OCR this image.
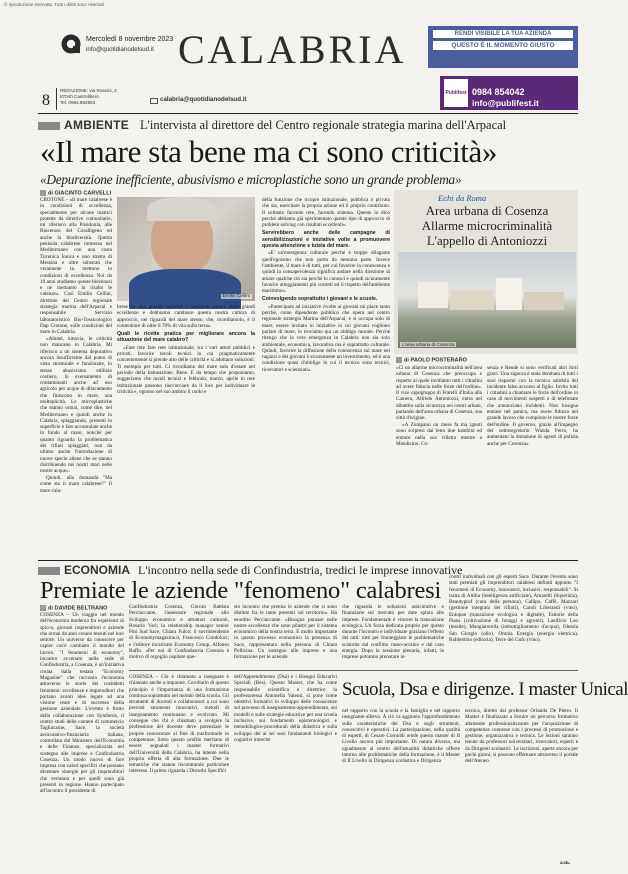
© riproduzione riservata. Tutti i diritti sono riservati
Mercoledì 8 novembre 2023
info@quotidianodelsud.it CALABRIA	RENDI VISIBILE LA TUA AZIENDA
QUESTO È IL MOMENTO GIUSTO
8
REDAZIONE: via Rossini, 2
87040 Castrolibero
Tel. 0984.852853	calabria@quotidianodelsud.it
Publifest 0984 854042
info@publifest.it
AMBIENTE L'intervista al direttore del Centro regionale strategia marina dell'Arpacal
«Il mare sta bene ma ci sono criticità»
«Depurazione inefficiente, abusivismo e microplastiche sono un grande problema»
di GIACINTO CARVELLI

CROTONE - «Il mare calabrese è in condizioni di eccellenza, specialmente per alcune matrici protette da direttive comunitarie, mi riferisco alla Posidonia, alle Biocenosi del Coralligeno ed anche la biodiversità. Questa penisola calabrese immersa nel Mediterraneo con una costa Tirrenica Ionica e uno stretto di Messina e oltre substrati che veramente la mettono in condizioni di eccellenza. Noi da 10 anni studiamo queste biocenosi e ne mettiamo in risalto le valenze». Così Emilio Cellini, direttore del Centro regionale strategia marina dell'Arpacal e responsabile Servizio laboratoristico Bio-Tossicologico Dap Crotone, sulle condizioni del mare in Calabria.

«Ahimè, tuttavia, le criticità non mancano in Calabria. Mi riferisco a un sistema depurativo ancora insufficiente dal punto di vista strutturale e funzionale, lo stesso abusivismo edilizio costiero, lo sversamento di contaminanti anche ad uso agricolo per acque di dilavamento che finiscono in mare, una molteplicità. Le microplastiche che stanno ormai, come dire, nel Mediterraneo e quindi anche in Calabria, spiaggiando, presenti in superficie e fato accumulate anche in fondo al mare, nonché per quanto riguarda la problematica dei rifiuti spiaggiati, non da ultimo anche l'introduzione di nuove specie aliene che se stanno distribuendo nei nostri mari nelle nostre acque».

Quindi, alla domanda "Ma come sta il mare calabrese?" Il mare cala-

Emilio Cellini

brese ha una grande capacità e mantiene ancora delle grandi eccellenze e dobbiamo cambiare questa nostra cultura di approccio, nei riguardi del mare stesso, che, ricordiamolo, è il contenitore di oltre il 70% di vita sulla terra».

Quali le ricette pratica per migliorare ancora la situazione del mare calabro?

«Fare rete fare rete istituzionale, tra i vari attori pubblici e privati, favorire tavoli tecnici in cui pragmaticamente concertemente si prende atto delle criticità e si adottano soluzioni. Ti esempio per tutti. Ci ricordiamo del mare solo d'estate nel periodo della balneazione. Bene. E da tempo che proponiamo, suggeriamo che tavoli tecnici e febbraio, marzo, aprile in rete istituzionale possono riaccorciare da il loro per individuare le criticità e, ognuno nel suo ambito il ruolo e

della funzione che ricopre istituzionale, pubblica o privata che sia, esercitare la propria azione ed il proprio contributo. Il soltanto facendo rete, facendo sistema. Questo lo dico perché abbiamo già sperimentato questo tipo di approccio di problem solving con risultati eccellenti».

Servirebbero anche delle campagne di sensibilizzazioni e iniziative volte a promuovere questa attenzione e tutela del mare.

«E' un'emergenza culturale perché è troppo dilagante quell'egoismo che non porta da nessuna parte. Invece l'ambiente, il mare è di tutti, per cui favorire la conoscenza e quindi la consapevolezza significa andare nella direzione di amare qualche ciò sia perché lo conosci e quindi sicuramente favorire atteggiamenti più corretti ed il rispetto dell'ambiente marittimo».

Coinvolgendo soprattutto i giovani e le scuole.

«Partecipare ad iniziative rivolte ai giovani mi piace tanto perché, come dipendente pubblico che opera nel centro regionale strategia Marina dell'Arpacal, e si occupa solo di mare, essere invitato in iniziative in cui giovani vogliono parlare di mare, lo troviamo qui un obbligo morale. Perché ritengo che la vera emergenza in Calabria non sia solo ambientale, economica, lavorativa ma è soprattutto culturale. Quindi, favorire la diffusione della conoscenza sul mare nei ragazzi e dei giovani è sicuramente un investimento, ed è una condizione quasi d'obbligo in cui il tecnico sono tecnici, ricercatori e scienziati».

Echi da Roma
Area urbana di Cosenza
Allarme microcriminalità
L'appello di Antoniozzi
L'area urbana di Cosenza
di PAOLO POSTERARO

«Ci un allarme microcriminalità nell'area urbana di Cosenza che preoccupa e rispetto al quale invitiamo tutti i cittadini ad avere fiducia nelle forze dell'ordine». Il vice capogruppo di Fratelli d'Italia alla Camera, Alfredo Antoniozzi, entra nel dibattito sulla sicurezza nei centri urbani, parlando dell'area urbana di Cosenza, sua città d'origine.

«A Zumpano un mese fa ma ignoti sono sorpresi dal letto due bambini ed entrare nella sua villetta mentre a Mendicino. Co-

senza e Rende si sono verificati altri furti gravi. Una signora è stata derubata di tutti i suoi risparmi con la tecnica subdola del incidente falso accorso al figlio. Invito tutti i cittadini a chiamare le forze dell'ordine in caso di movimenti sospetti o di telefonate che annunciano incidenti. Non bisogna entrare nel panico, ma avere fiducia nel grande lavoro che compiono le nostre forze dell'ordine. Il governo, grazie all'impegno del sottosegretario Wanda Ferro, ha aumentato la dotazione di agenti di polizia anche per Cosenza».

ECONOMIA L'incontro nella sede di Confindustria, tredici le imprese innovative
Premiate le aziende "fenomeno" calabresi
di DAVIDE BELTRANO

COSENZA – Un viaggio nel mondo dell'economia moderna fra esperienti di spicco, giovani imprenditori e aziende che ormai da anni creano tessuti nel loro settore. Un universo da conoscere per capire cos'è cambiato il mondo del lavoro. "I fenomeni di economy", incontro avvenuto nella sede di Confindustria, a Cosenza, è un'iniziativa creata dalla testata "Economy Magazine" che racconta l'economia attraverso le storie dei cosiddetti fenomeni: eccellenze e imprenditori che portano avanti idee legate ad una visione reale e di successo della gestione aziendale. L'evento è frutto della collaborazione con Synthesis, il centro studi delle camere di commercio Tagliacarne, Sace, la società assicurativo-finanziaria italiana, controllata dal Ministero dell'Economia e delle Finanze, specializzata nel sostegno alle imprese e Confindustria Cosenza. Un modo nuovo di fare impresa con valori specifici che possano diventare sinergie per gli imprenditori che verranno e per quelli sono già presenti in regione. Hanno partecipato all'incontro il presidente di

Confindustria Cosenza, Giovan Battista Perciaccante, l'assessore regionale allo Sviluppo economico e attrattori culturali, Rosario Varì; la relationship manager senior Pmi Sud Sace, Chiara Fulco; il sovrintendente di Economymagazine.it, Francesco Condoluci; e l'editore incaricato Economy Group, Alfonso Ruffo. «Per noi di Confindustria Cosenza è motivo di orgoglio ospitare que-

sto incontro che premia le aziende che si sono distinte fra le tante presenti sul territorio». Ha esordito Perciaccante. «Bisogna puntare nelle nostre eccellenze che sono pilastri per il sistema economico della nostra terra. E molto importante in questo processo economico la presenza di Sace, rappresentata nella persona di Chiara Pollicina. Un sostegno alle imprese e una formazione per le aziende

che riguarda le soluzioni assicurative e finanziarie sul mercato per dare spinta alle imprese. Fondamentale è vincere la transazione ecologica. Un forza dedicata proprio per questo durante l'incontro e individuate graziano l'effetto dei tatti: tutti per fronteggiare le problematiche scaturite dal conflitto russo-ucraino e dal caro energia. Dopo la sessione plenaria, infatti, le imprese potranno prenotare in-

contri individuali con gli esperti Sace. Durante l'evento sono stati premiati gli imprenditori calabresi definiti appunto "I fenomeni di Economy, innovatori, inclusivi, responsabili". Si tratta di Altilia (intelligenza artificiale), Amarelli (liquerizia), Beautyprof (cura della persona), Callipo, Caffè, Mazzari (gestione integrata del rifiuti), Caroli Liberandi (vino), Entopan (transizione ecologica e digitale), Fattorie della Piana (coltivazione di foraggi e agrumi), Lanificio Leo (tessile), Mangiatorella (imbottigliamento d'acqua), Olearia San Giorgio (olio), Omnia Energia (energia elettrica), Rubbettino (editoria), Terre del Gufo (vino).

Scuola, Dsa e dirigenze. I master Unical

COSENZA – Chi è chiamato a insegnare è chiamato anche a imparare. Corollario di questo principio è l'importanza di una formazione continua soprattutto nel mondo della scuola. Gli strumenti di docenti e collaboratori a cui sono previsti strumenti innovativi, metodi di insegnamento continuano e evolvono. Mi consegue che chi è chiamato a svolgere la professione del docente deve potenziare le proprie conoscenze al fine di trasformarle in competenze. Sotto questo profilo meritano di essere segnalati i master formativi dell'Università della Calabria, ha intente nella propria offerta di alta formazione. Due le tematiche che stanno riscontrando particolare interesse. Il primo riguarda i Disturbi Specifici

dell'Apprendimento (Dsa) e i Bisogni Educativi Speciali (Bes). Questo Master, che ha come responsabile scientifico e direttrice la professoressa Antonella Valenti, si pone come obiettivi formativi lo sviluppo delle conoscenze sul processo di insegnamento-apprendimento, sui modelli e sulle strategie educative per una scuola inclusiva, sui fondamenti epistemologici e metodologico-procedurali della didattica e sulla sviluppo dei ai sei suoi fondamenti biologici e cognitivi intrechè

nel rapporto con la scuola e la famiglia e nel rapporto insegnante-allievo. A ciò va aggiunto l'approfondimento sulle caratteristiche dei Dsa e sugli strumenti, conoscitivi e operativi. La partecipazione, nella qualità di esperti, di Cesare Cornoldi rende questo master di II Livello ancora più importante. Di natura diversa, ma ugualmente al centro dell'attualità didattiche offerte intorno alle problematiche della formazione, è il Master di II Livello in Dirigenza scolastica e Dirigenza

tecnica, diretto dal professor Orlando De Pietro. Il Master è finalizzato a fornire un percorso formativo altamente professionalizzante per l'acquisizione di competenze connesse con i processi di promozione e gestione, organizzativa e tecnica. Le lezioni saranno tenute da professori universitari, ricercatori, esperti e da Dirigenti scolastici. Le iscrizioni, aperte ancora per pochi giorni, si possono effettuare attraverso il portale dell'Ateneo.

a.m.
